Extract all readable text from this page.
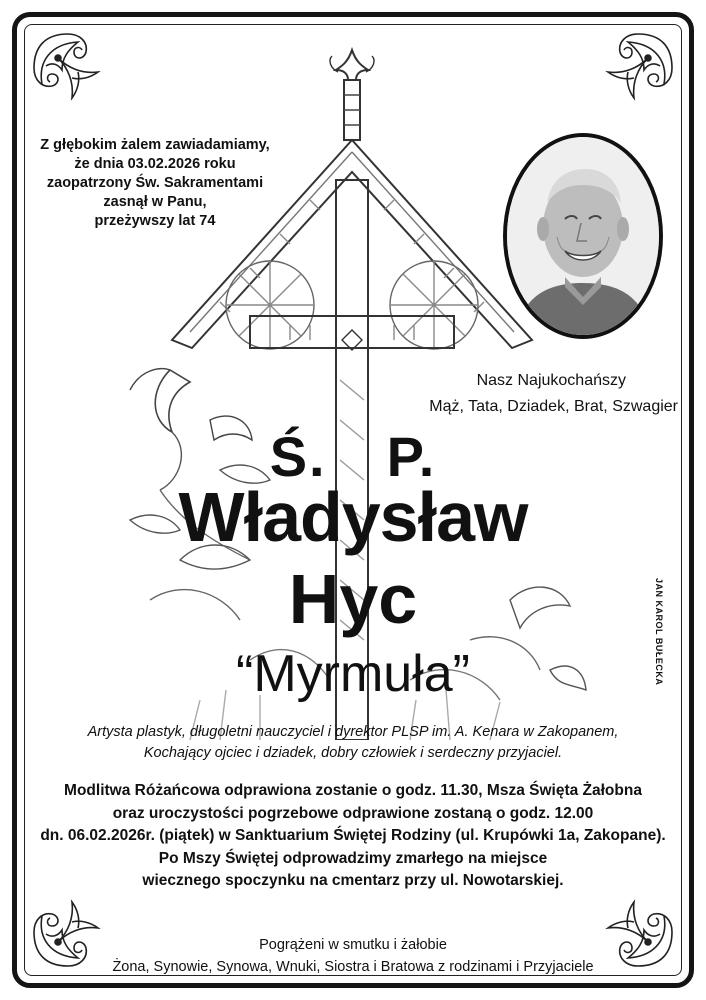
Z głębokim żalem zawiadamiamy,
że dnia 03.02.2026 roku
zaopatrzony Św. Sakramentami
zasnął w Panu,
przeżywszy lat 74
Nasz Najukochańszy
Mąż, Tata, Dziadek, Brat, Szwagier
Ś. P.
Władysław
Hyc
“Myrmuła”	JAN KAROL BUŁECKA
Artysta plastyk, długoletni nauczyciel i dyrektor PLSP im. A. Kenara w Zakopanem,
Kochający ojciec i dziadek, dobry człowiek i serdeczny przyjaciel.
Modlitwa Różańcowa odprawiona zostanie o godz. 11.30, Msza Święta Żałobna
oraz uroczystości pogrzebowe odprawione zostaną o godz. 12.00
dn. 06.02.2026r. (piątek) w Sanktuarium Świętej Rodziny (ul. Krupówki 1a, Zakopane).
Po Mszy Świętej odprowadzimy zmarłego na miejsce
wiecznego spoczynku na cmentarz przy ul. Nowotarskiej.
Pogrążeni w smutku i żałobie
Żona, Synowie, Synowa, Wnuki, Siostra i Bratowa z rodzinami i Przyjaciele
